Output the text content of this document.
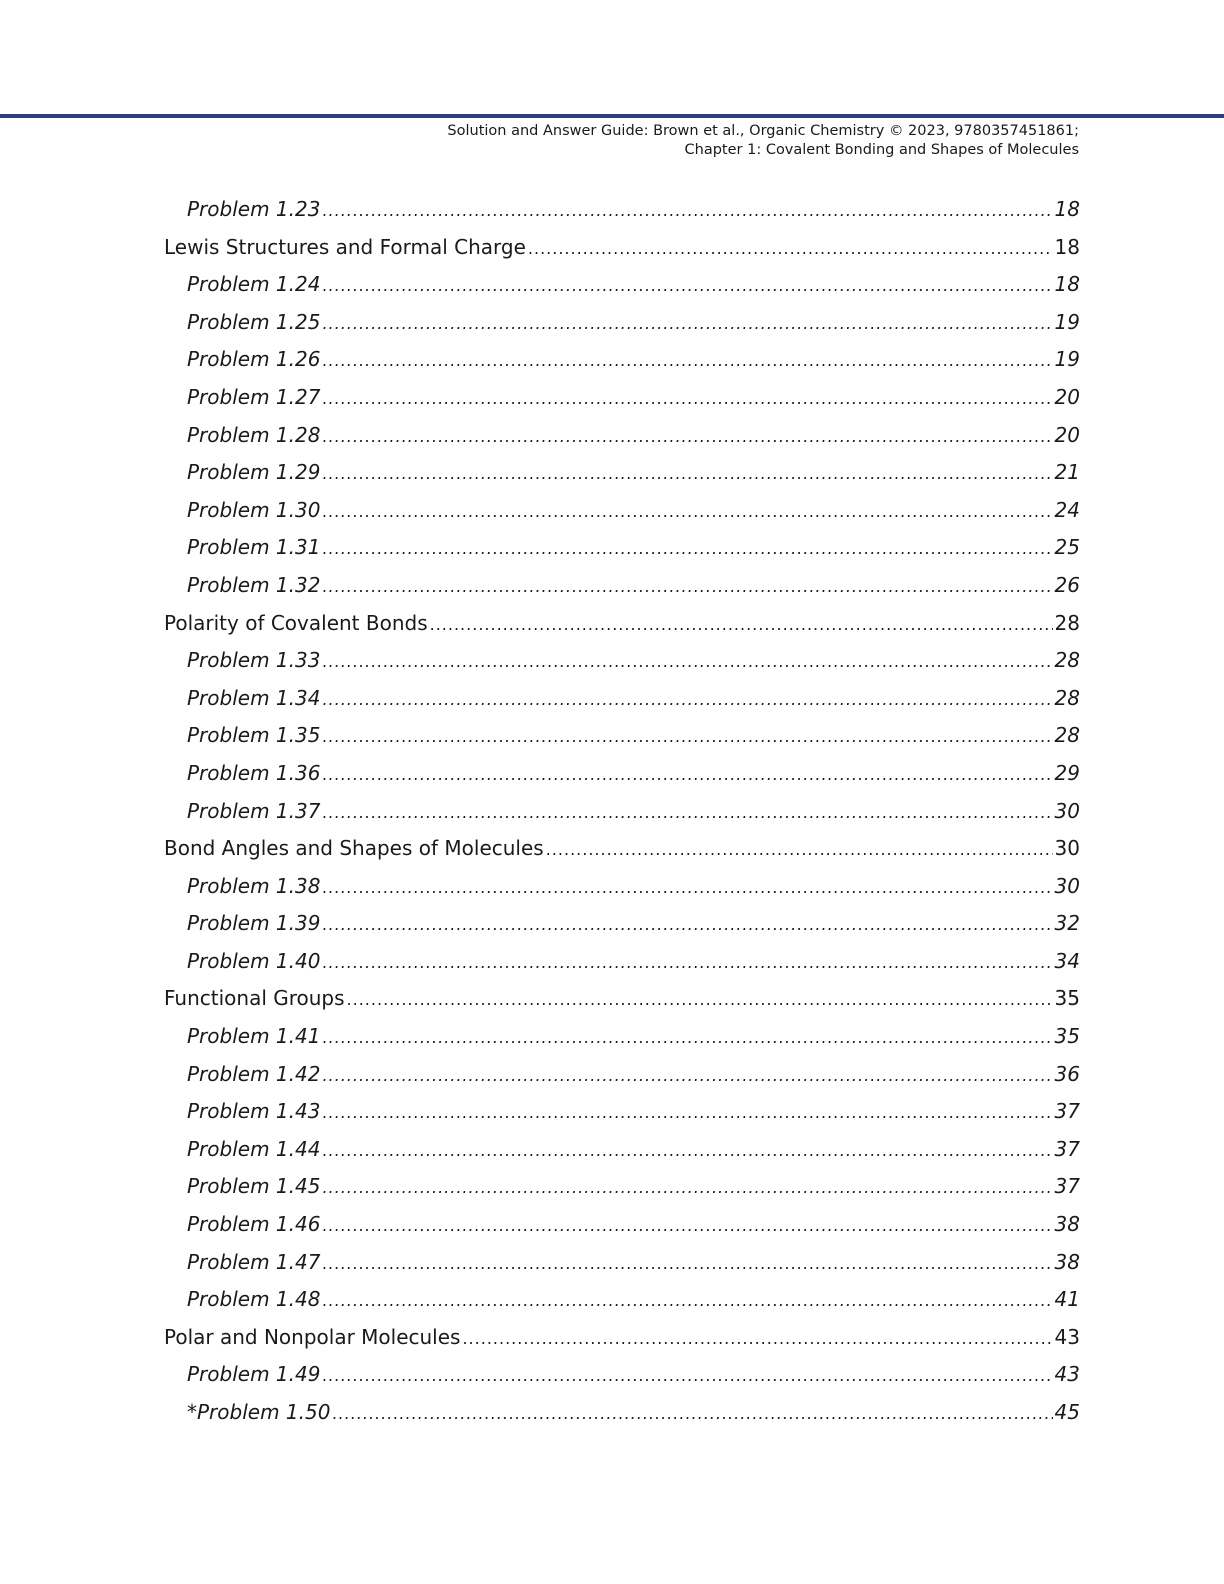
Solution and Answer Guide: Brown et al., Organic Chemistry © 2023, 9780357451861;
Chapter 1: Covalent Bonding and Shapes of Molecules
Problem 1.23 .....	18
Lewis Structures and Formal Charge .....	18
Problem 1.24 .....	18
Problem 1.25 .....	19
Problem 1.26 .....	19
Problem 1.27 .....	20
Problem 1.28 .....	20
Problem 1.29 .....	21
Problem 1.30 .....	24
Problem 1.31 .....	25
Problem 1.32 .....	26
Polarity of Covalent Bonds .....	28
Problem 1.33 .....	28
Problem 1.34 .....	28
Problem 1.35 .....	28
Problem 1.36 .....	29
Problem 1.37 .....	30
Bond Angles and Shapes of Molecules .....	30
Problem 1.38 .....	30
Problem 1.39 .....	32
Problem 1.40 .....	34
Functional Groups .....	35
Problem 1.41 .....	35
Problem 1.42 .....	36
Problem 1.43 .....	37
Problem 1.44 .....	37
Problem 1.45 .....	37
Problem 1.46 .....	38
Problem 1.47 .....	38
Problem 1.48 .....	41
Polar and Nonpolar Molecules .....	43
Problem 1.49 .....	43
*Problem 1.50 .....	45
